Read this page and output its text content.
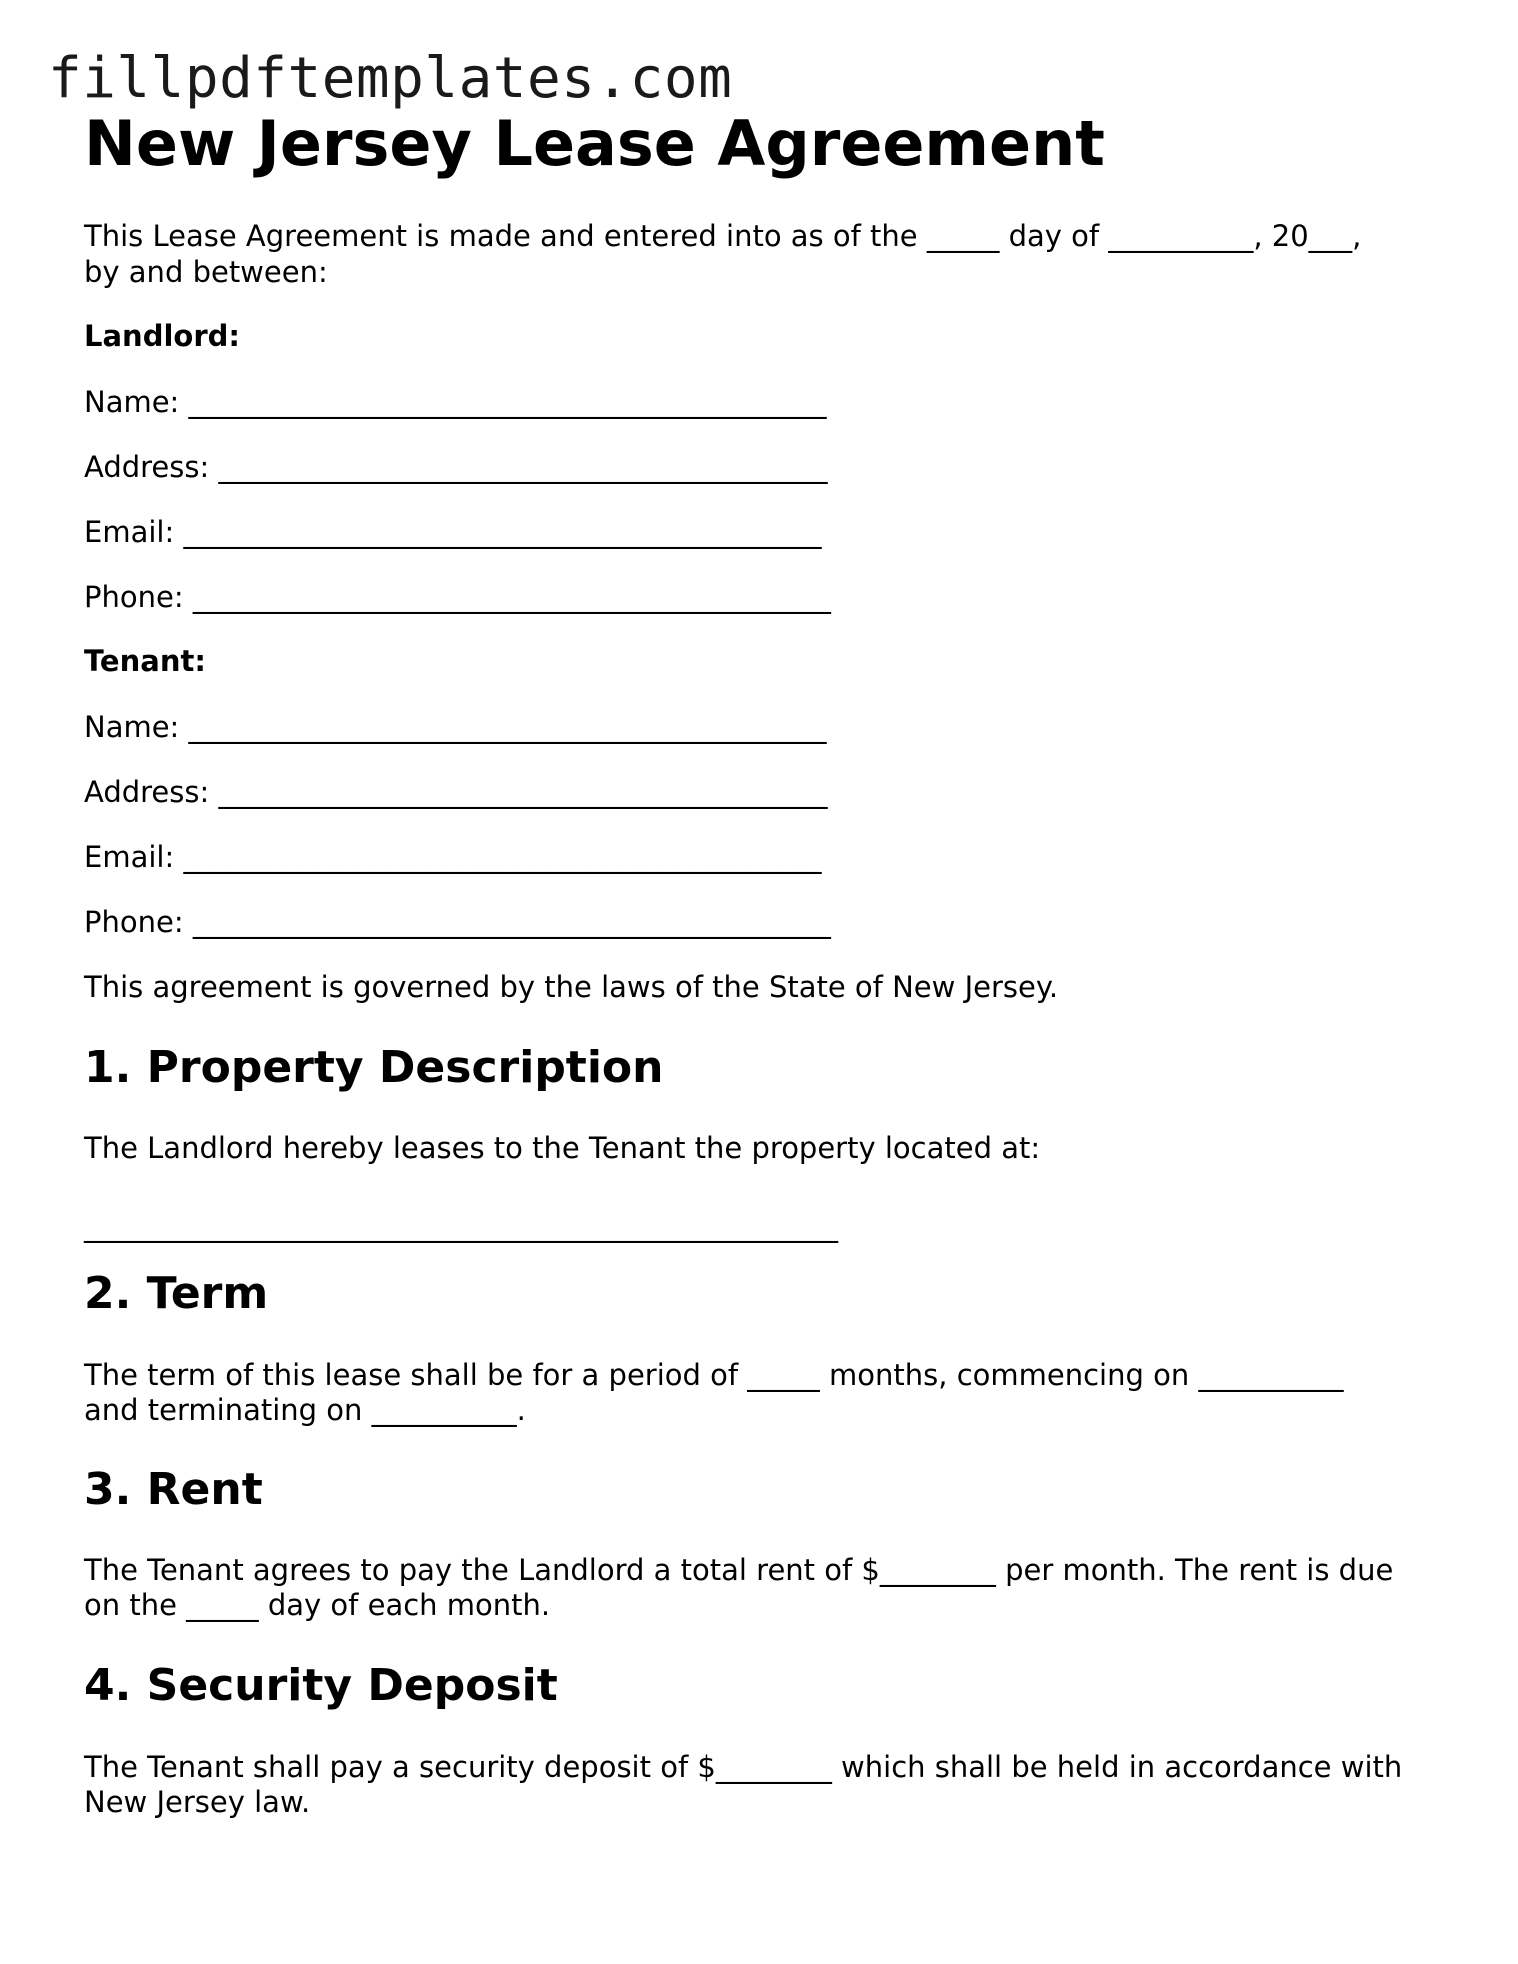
fillpdftemplates.com
New Jersey Lease Agreement

This Lease Agreement is made and entered into as of the _____ day of __________, 20___,

by and between:

Landlord:

Name: ____________________________________________

Address: __________________________________________

Email: ____________________________________________

Phone: ____________________________________________

Tenant:

Name: ____________________________________________

Address: __________________________________________

Email: ____________________________________________

Phone: ____________________________________________

This agreement is governed by the laws of the State of New Jersey.

1. Property Description

The Landlord hereby leases to the Tenant the property located at:

____________________________________________________

2. Term

The term of this lease shall be for a period of _____ months, commencing on __________

and terminating on __________.

3. Rent

The Tenant agrees to pay the Landlord a total rent of $________ per month. The rent is due

on the _____ day of each month.

4. Security Deposit

The Tenant shall pay a security deposit of $________ which shall be held in accordance with

New Jersey law.
